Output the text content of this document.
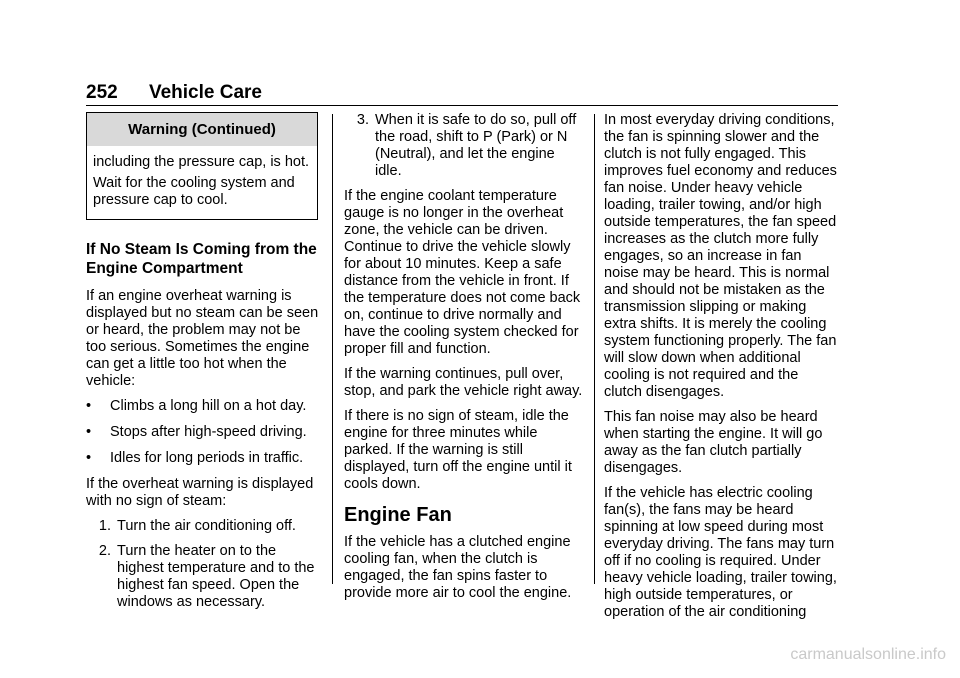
252 Vehicle Care
Warning (Continued)

including the pressure cap, is hot.

Wait for the cooling system and pressure cap to cool.

If No Steam Is Coming from the Engine Compartment

If an engine overheat warning is displayed but no steam can be seen or heard, the problem may not be too serious. Sometimes the engine can get a little too hot when the vehicle:

•	Climbs a long hill on a hot day.
•	Stops after high-speed driving.
•	Idles for long periods in traffic.

If the overheat warning is displayed with no sign of steam:

1. Turn the air conditioning off.
2. Turn the heater on to the highest temperature and to the highest fan speed. Open the windows as necessary.
3. When it is safe to do so, pull off the road, shift to P (Park) or N (Neutral), and let the engine idle.

If the engine coolant temperature gauge is no longer in the overheat zone, the vehicle can be driven. Continue to drive the vehicle slowly for about 10 minutes. Keep a safe distance from the vehicle in front. If the temperature does not come back on, continue to drive normally and have the cooling system checked for proper fill and function.

If the warning continues, pull over, stop, and park the vehicle right away.

If there is no sign of steam, idle the engine for three minutes while parked. If the warning is still displayed, turn off the engine until it cools down.

Engine Fan

If the vehicle has a clutched engine cooling fan, when the clutch is engaged, the fan spins faster to provide more air to cool the engine.

In most everyday driving conditions, the fan is spinning slower and the clutch is not fully engaged. This improves fuel economy and reduces fan noise. Under heavy vehicle loading, trailer towing, and/or high outside temperatures, the fan speed increases as the clutch more fully engages, so an increase in fan noise may be heard. This is normal and should not be mistaken as the transmission slipping or making extra shifts. It is merely the cooling system functioning properly. The fan will slow down when additional cooling is not required and the clutch disengages.

This fan noise may also be heard when starting the engine. It will go away as the fan clutch partially disengages.

If the vehicle has electric cooling fan(s), the fans may be heard spinning at low speed during most everyday driving. The fans may turn off if no cooling is required. Under heavy vehicle loading, trailer towing, high outside temperatures, or operation of the air conditioning

carmanualsonline.info
